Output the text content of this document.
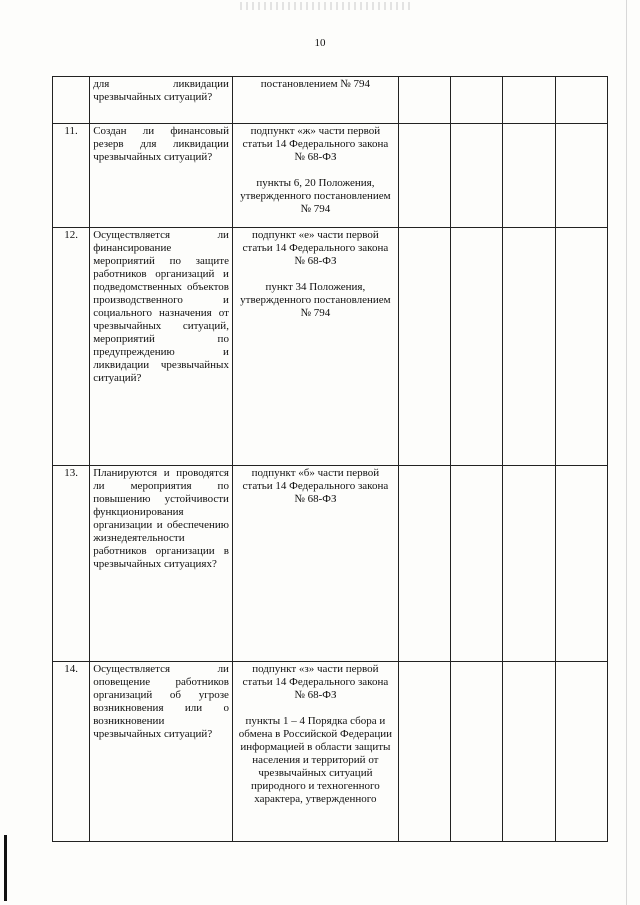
10
	для ликвидации чрезвычайных ситуаций?	постановлением № 794				

11.	Создан ли финансовый резерв для ликвидации чрезвычайных ситуаций?	подпункт «ж» части первой статьи 14 Федерального закона № 68-ФЗ
пункты 6, 20 Положения, утвержденного постановлением № 794				

12.	Осуществляется ли финансирование мероприятий по защите работников организаций и подведомственных объектов производственного и социального назначения от чрезвычайных ситуаций, мероприятий по предупреждению и ликвидации чрезвычайных ситуаций?	подпункт «е» части первой статьи 14 Федерального закона № 68-ФЗ
пункт 34 Положения, утвержденного постановлением № 794				

13.	Планируются и проводятся ли мероприятия по повышению устойчивости функционирования организации и обеспечению жизнедеятельности работников организации в чрезвычайных ситуациях?	подпункт «б» части первой статьи 14 Федерального закона № 68-ФЗ				

14.	Осуществляется ли оповещение работников организаций об угрозе возникновения или о возникновении чрезвычайных ситуаций?	подпункт «з» части первой статьи 14 Федерального закона № 68-ФЗ
пункты 1 – 4 Порядка сбора и обмена в Российской Федерации информацией в области защиты населения и территорий от чрезвычайных ситуаций природного и техногенного характера, утвержденного				
